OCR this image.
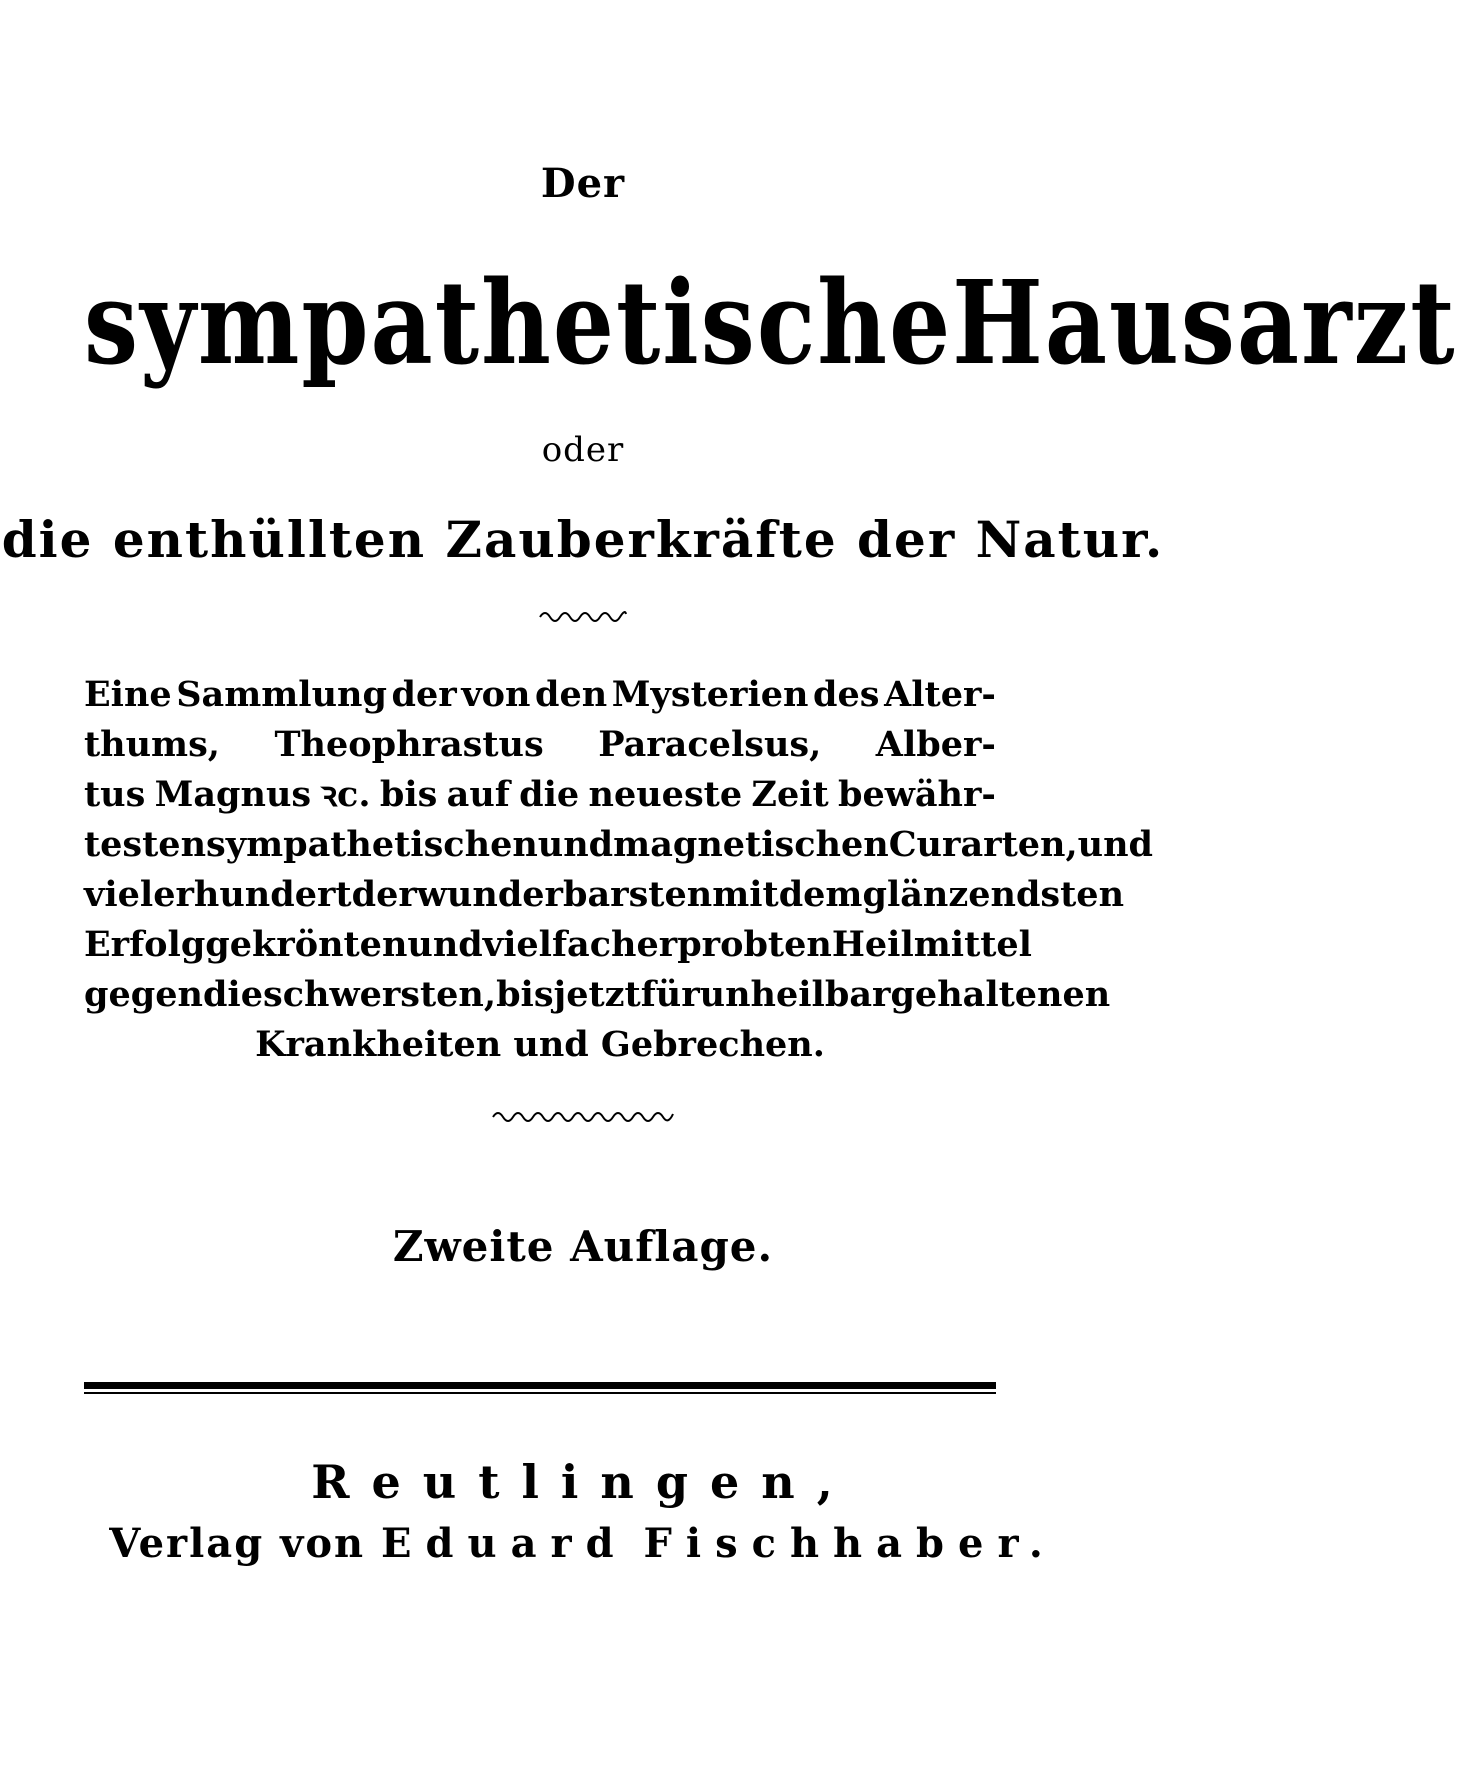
Der
sympathetische Hausarzt
oder
die enthüllten Zauberkräfte der Natur.
Eine Sammlung der von den Mysterien des Alter-
thums, Theophrastus Paracelsus, Alber-
tus Magnus ꝛc. bis auf die neueste Zeit bewähr-
testen sympathetischen und magnetischen Curarten, und
vieler hundert der wunderbarsten mit dem glänzendsten
Erfolg gekrönten und vielfach erprobten Heilmittel
gegen die schwersten, bis jetzt für unheilbar gehaltenen
Krankheiten und Gebrechen.
Zweite Auflage.
Reutlingen,
Verlag von Eduard Fischhaber.
